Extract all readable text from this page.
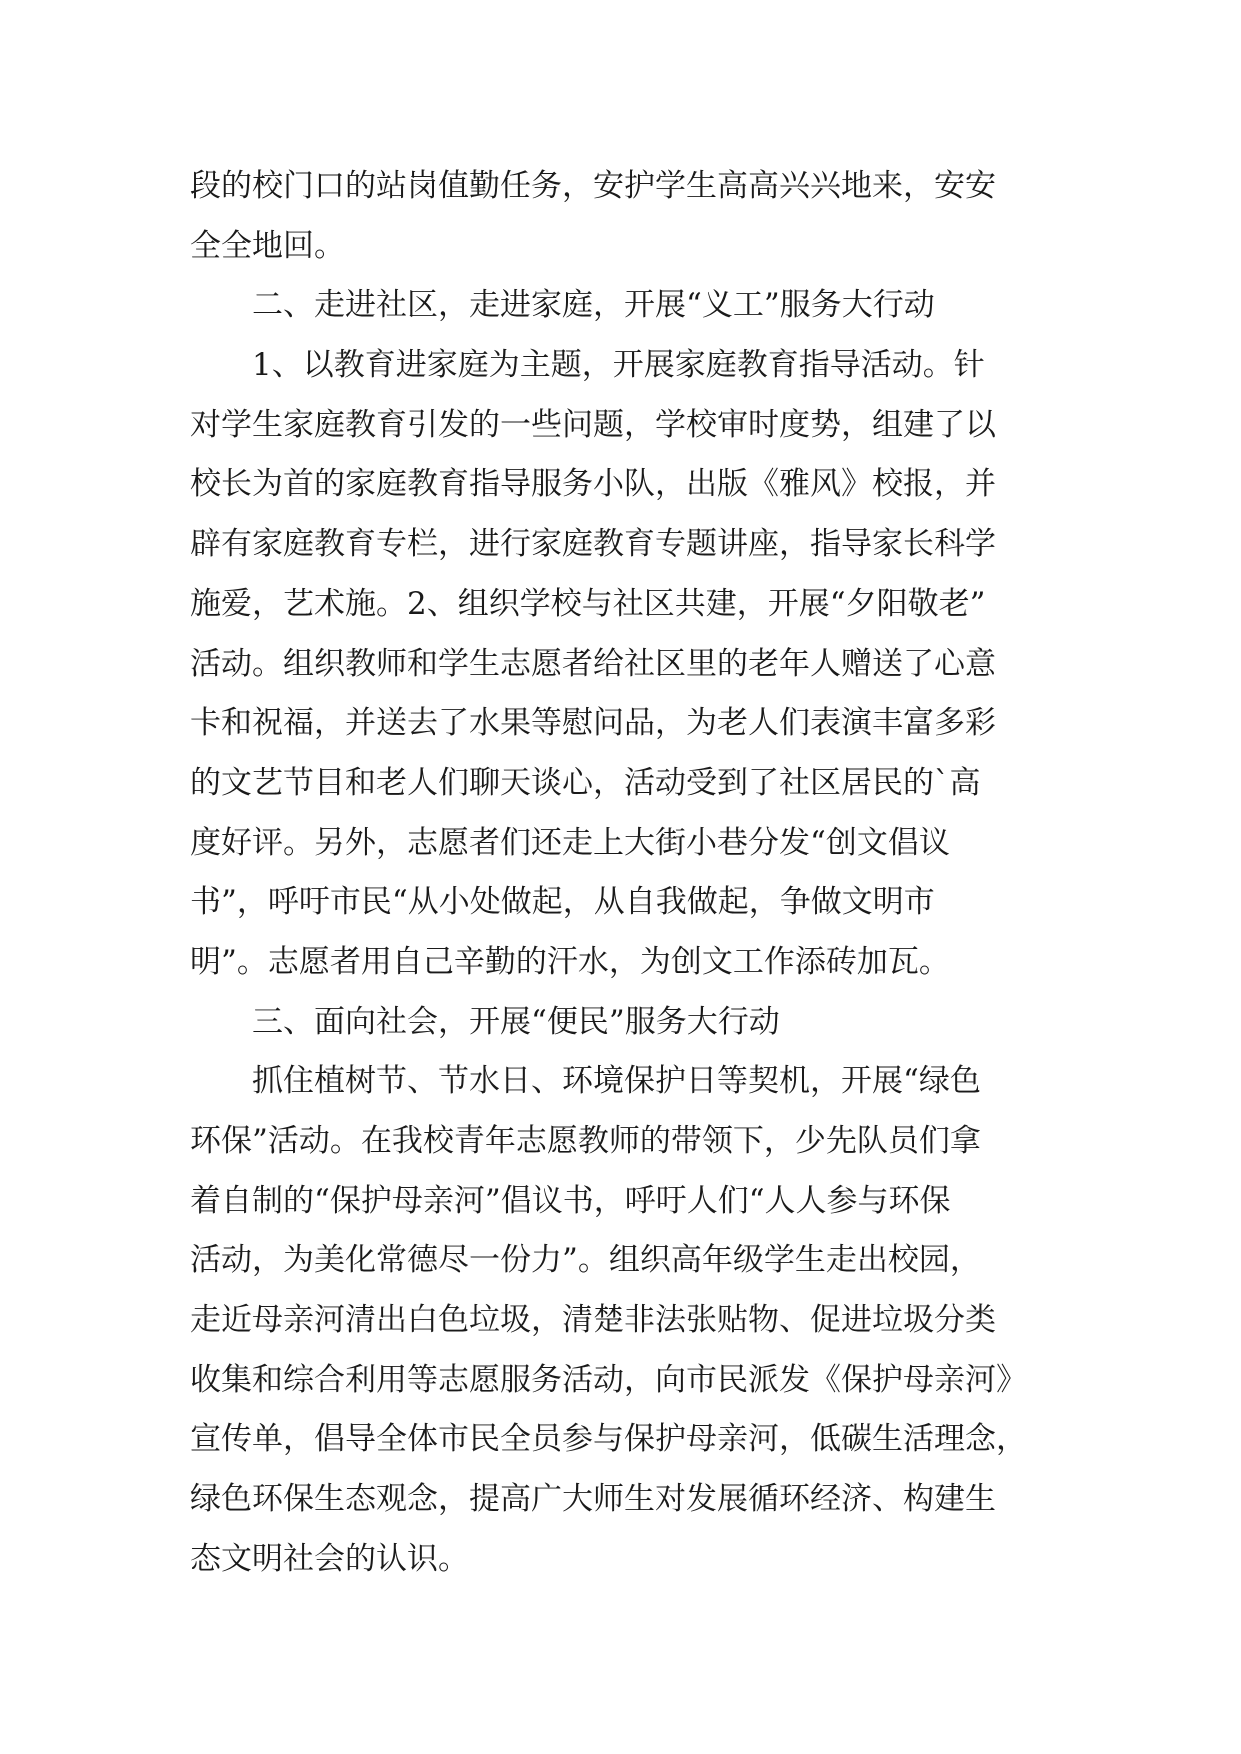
段的校门口的站岗值勤任务，安护学生高高兴兴地来，安安

全全地回。

二、走进社区，走进家庭，开展“义工”服务大行动

1、以教育进家庭为主题，开展家庭教育指导活动。针

对学生家庭教育引发的一些问题，学校审时度势，组建了以

校长为首的家庭教育指导服务小队，出版《雅风》校报，并

辟有家庭教育专栏，进行家庭教育专题讲座，指导家长科学

施爱，艺术施。2、组织学校与社区共建，开展“夕阳敬老”

活动。组织教师和学生志愿者给社区里的老年人赠送了心意

卡和祝福，并送去了水果等慰问品，为老人们表演丰富多彩

的文艺节目和老人们聊天谈心，活动受到了社区居民的`高

度好评。另外，志愿者们还走上大街小巷分发“创文倡议

书”，呼吁市民“从小处做起，从自我做起，争做文明市

明”。志愿者用自己辛勤的汗水，为创文工作添砖加瓦。

三、面向社会，开展“便民”服务大行动

抓住植树节、节水日、环境保护日等契机，开展“绿色

环保”活动。在我校青年志愿教师的带领下，少先队员们拿

着自制的“保护母亲河”倡议书，呼吁人们“人人参与环保

活动，为美化常德尽一份力”。组织高年级学生走出校园，

走近母亲河清出白色垃圾，清楚非法张贴物、促进垃圾分类

收集和综合利用等志愿服务活动，向市民派发《保护母亲河》

宣传单，倡导全体市民全员参与保护母亲河，低碳生活理念，

绿色环保生态观念，提高广大师生对发展循环经济、构建生

态文明社会的认识。
